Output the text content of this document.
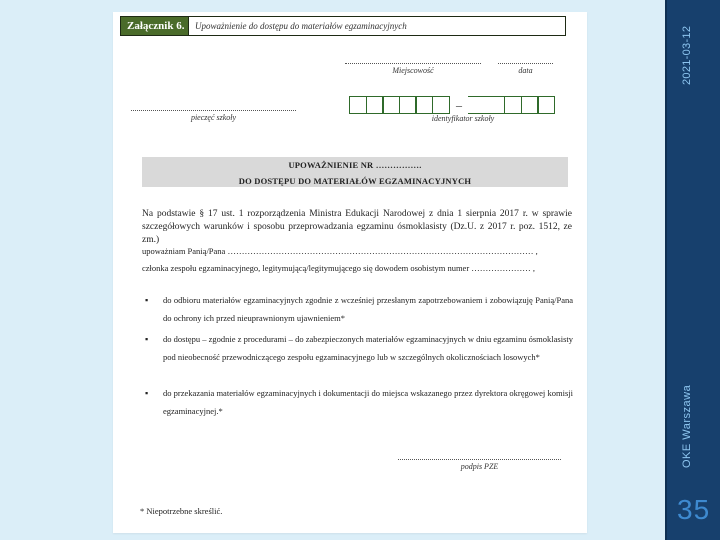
Załącznik 6.	Upoważnienie do dostępu do materiałów egzaminacyjnych
Miejscowość	data
pieczęć szkoły
–
identyfikator szkoły
UPOWAŻNIENIE NR …………….
DO DOSTĘPU DO MATERIAŁÓW EGZAMINACYJNYCH
Na podstawie § 17 ust. 1 rozporządzenia Ministra Edukacji Narodowej z dnia 1 sierpnia 2017 r. w sprawie szczegółowych warunków i sposobu przeprowadzania egzaminu ósmoklasisty (Dz.U. z 2017 r. poz. 1512, ze zm.)
upoważniam Panią/Pana ……………………………………………………………………………………………… ,
członka zespołu egzaminacyjnego, legitymującą/legitymującego się dowodem osobistym numer ………………… ,
▪	do odbioru materiałów egzaminacyjnych zgodnie z wcześniej przesłanym zapotrzebowaniem i zobowiązuję Panią/Pana do ochrony ich przed nieuprawnionym ujawnieniem*
▪	do dostępu – zgodnie z procedurami – do zabezpieczonych materiałów egzaminacyjnych w dniu egzaminu ósmoklasisty pod nieobecność przewodniczącego zespołu egzaminacyjnego lub w szczególnych okolicznościach losowych*
▪	do przekazania materiałów egzaminacyjnych i dokumentacji do miejsca wskazanego przez dyrektora okręgowej komisji egzaminacyjnej.*
podpis PZE
* Niepotrzebne skreślić.
2021-03-12
OKE Warszawa
35
